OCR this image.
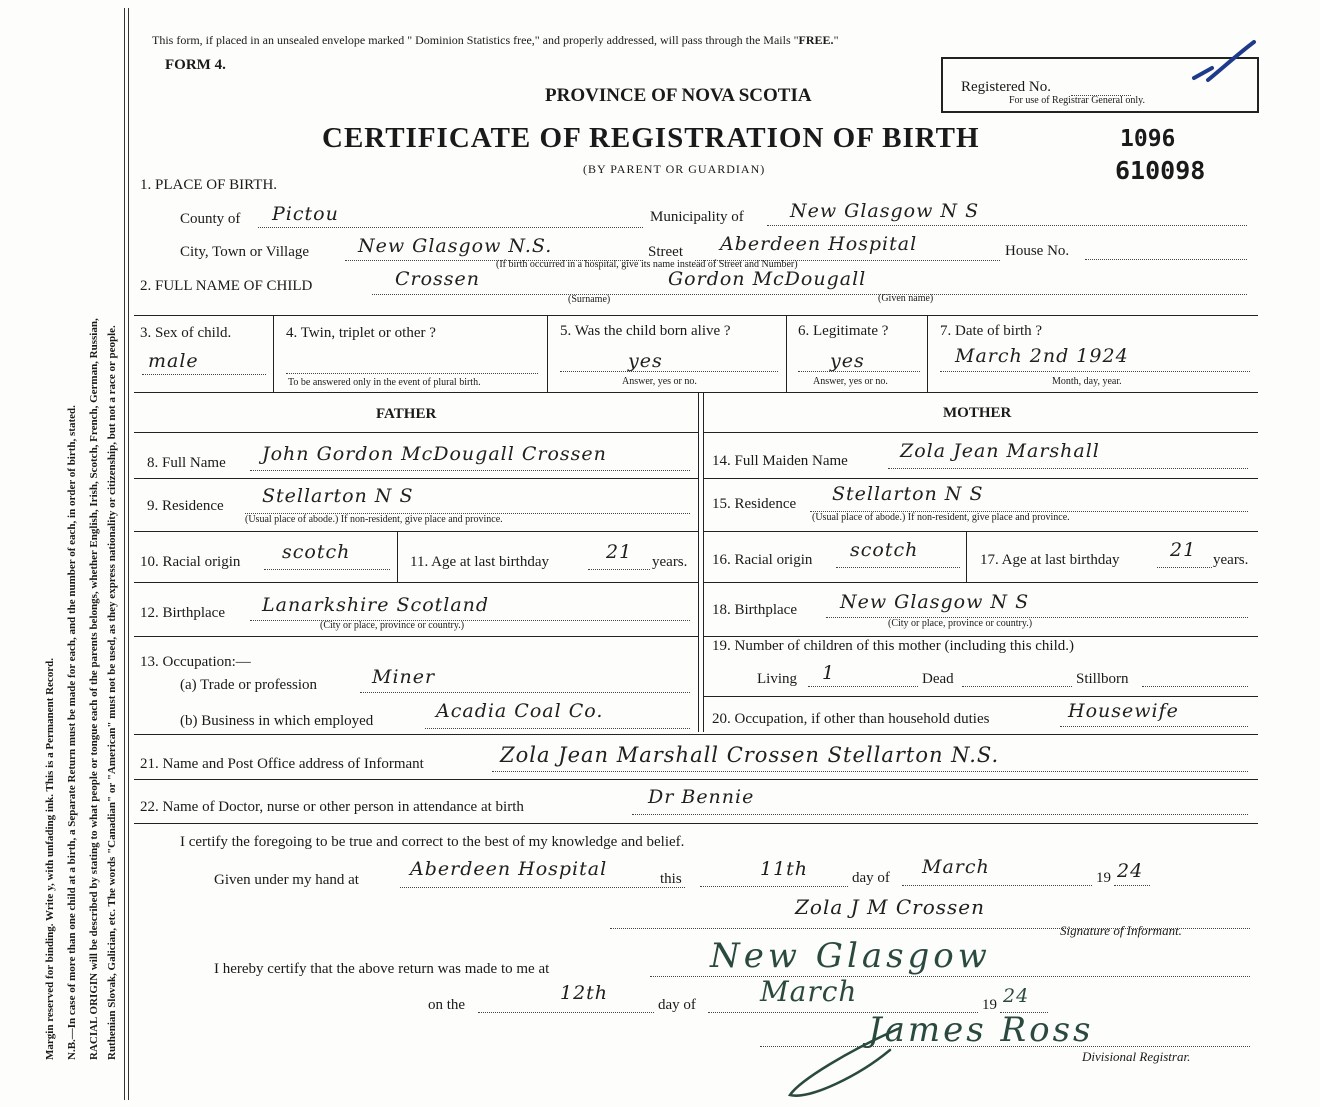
Margin reserved for binding. Write y, with unfading ink. This is a Permanent Record. N.B.—In case of more than one child at a birth, a Separate Return must be made for each, and the number of each, in order of birth, stated. RACIAL ORIGIN will be described by stating to what people or tongue each of the parents belongs, whether English, Irish, Scotch, French, German, Russian, Ruthenian Slovak, Galician, etc. The words "Canadian" or "American" must not be used, as they express nationality or citizenship, but not a race or people.
This form, if placed in an unsealed envelope marked " Dominion Statistics free," and properly addressed, will pass through the Mails "FREE."
FORM 4.
PROVINCE OF NOVA SCOTIA
CERTIFICATE OF REGISTRATION OF BIRTH
(BY PARENT OR GUARDIAN)
Registered No.
For use of Registrar General only.
1096
610098
1. PLACE OF BIRTH.
County of Pictou	Municipality of New Glasgow N S
City, Town or Village	New Glasgow N.S.	Street Aberdeen Hospital	House No.
(If birth occurred in a hospital, give its name instead of Street and Number)
2. FULL NAME OF CHILD	Crossen	Gordon McDougall
(Surname)	(Given name)
3. Sex of child.
male
4. Twin, triplet or other ?
To be answered only in the event of plural birth.
5. Was the child born alive ?
yes
Answer, yes or no.
6. Legitimate ?
yes
Answer, yes or no.
7. Date of birth ?
March 2nd 1924
Month, day, year.
FATHER	MOTHER
8. Full Name John Gordon McDougall Crossen
9. Residence Stellarton N S
(Usual place of abode.) If non-resident, give place and province.
10. Racial origin scotch	11. Age at last birthday	21 years.
12. Birthplace Lanarkshire Scotland
(City or place, province or country.)
13. Occupation:—
(a) Trade or profession	Miner
(b) Business in which employed	Acadia Coal Co.
14. Full Maiden Name	Zola Jean Marshall
15. Residence Stellarton N S
(Usual place of abode.) If non-resident, give place and province.
16. Racial origin scotch	17. Age at last birthday	21 years.
18. Birthplace New Glasgow N S
(City or place, province or country.)
19. Number of children of this mother (including this child.)
Living 1	Dead	Stillborn
20. Occupation, if other than household duties	Housewife
21. Name and Post Office address of Informant	Zola Jean Marshall Crossen Stellarton N.S.
22. Name of Doctor, nurse or other person in attendance at birth	Dr Bennie
I certify the foregoing to be true and correct to the best of my knowledge and belief.
Given under my hand at	Aberdeen Hospital	this	11th	day of March	19 24
Zola J M Crossen
Signature of Informant.
I hereby certify that the above return was made to me at	New Glasgow
on the
12th
day of March	19 24
James Ross
Divisional Registrar.
